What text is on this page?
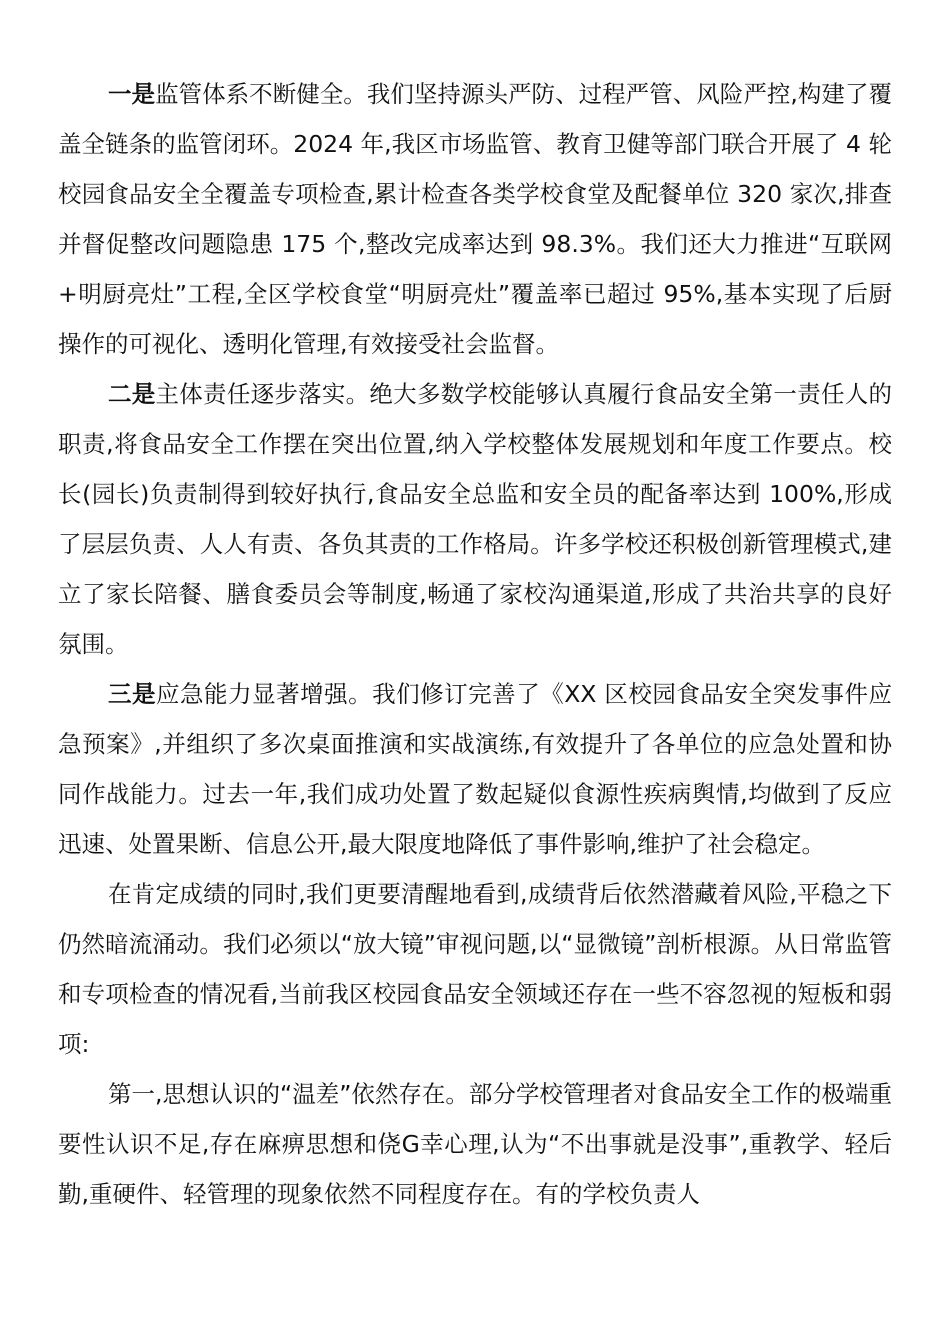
一是监管体系不断健全。我们坚持源头严防、过程严管、风险严控,构建了覆盖全链条的监管闭环。2024 年,我区市场监管、教育卫健等部门联合开展了 4 轮校园食品安全全覆盖专项检查,累计检查各类学校食堂及配餐单位 320 家次,排查并督促整改问题隐患 175 个,整改完成率达到 98.3%。我们还大力推进“互联网+明厨亮灶”工程,全区学校食堂“明厨亮灶”覆盖率已超过 95%,基本实现了后厨操作的可视化、透明化管理,有效接受社会监督。

二是主体责任逐步落实。绝大多数学校能够认真履行食品安全第一责任人的职责,将食品安全工作摆在突出位置,纳入学校整体发展规划和年度工作要点。校长(园长)负责制得到较好执行,食品安全总监和安全员的配备率达到 100%,形成了层层负责、人人有责、各负其责的工作格局。许多学校还积极创新管理模式,建立了家长陪餐、膳食委员会等制度,畅通了家校沟通渠道,形成了共治共享的良好氛围。

三是应急能力显著增强。我们修订完善了《XX 区校园食品安全突发事件应急预案》,并组织了多次桌面推演和实战演练,有效提升了各单位的应急处置和协同作战能力。过去一年,我们成功处置了数起疑似食源性疾病舆情,均做到了反应迅速、处置果断、信息公开,最大限度地降低了事件影响,维护了社会稳定。

在肯定成绩的同时,我们更要清醒地看到,成绩背后依然潜藏着风险,平稳之下仍然暗流涌动。我们必须以“放大镜”审视问题,以“显微镜”剖析根源。从日常监管和专项检查的情况看,当前我区校园食品安全领域还存在一些不容忽视的短板和弱项:

第一,思想认识的“温差”依然存在。部分学校管理者对食品安全工作的极端重要性认识不足,存在麻痹思想和侥G幸心理,认为“不出事就是没事”,重教学、轻后勤,重硬件、轻管理的现象依然不同程度存在。有的学校负责人
